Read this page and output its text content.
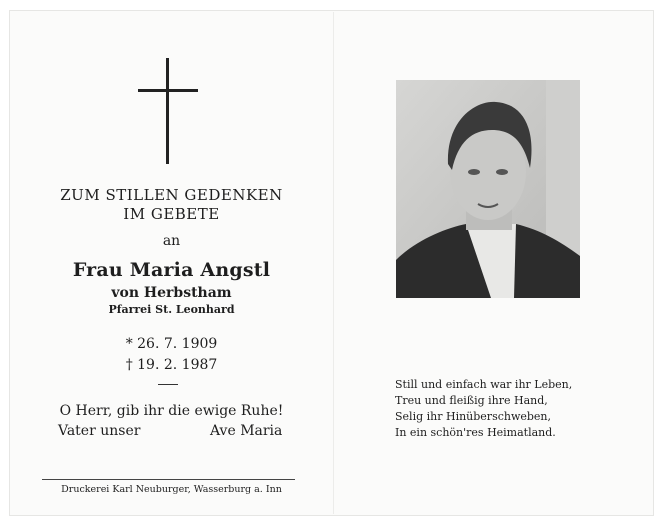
ZUM STILLEN GEDENKEN
IM GEBETE
an
Frau Maria Angstl
von Herbstham
Pfarrei St. Leonhard
* 26. 7. 1909
† 19. 2. 1987
O Herr, gib ihr die ewige Ruhe!
Vater unser	Ave Maria
Druckerei Karl Neuburger, Wasserburg a. Inn
Still und einfach war ihr Leben,
Treu und fleißig ihre Hand,
Selig ihr Hinüberschweben,
In ein schön'res Heimatland.
